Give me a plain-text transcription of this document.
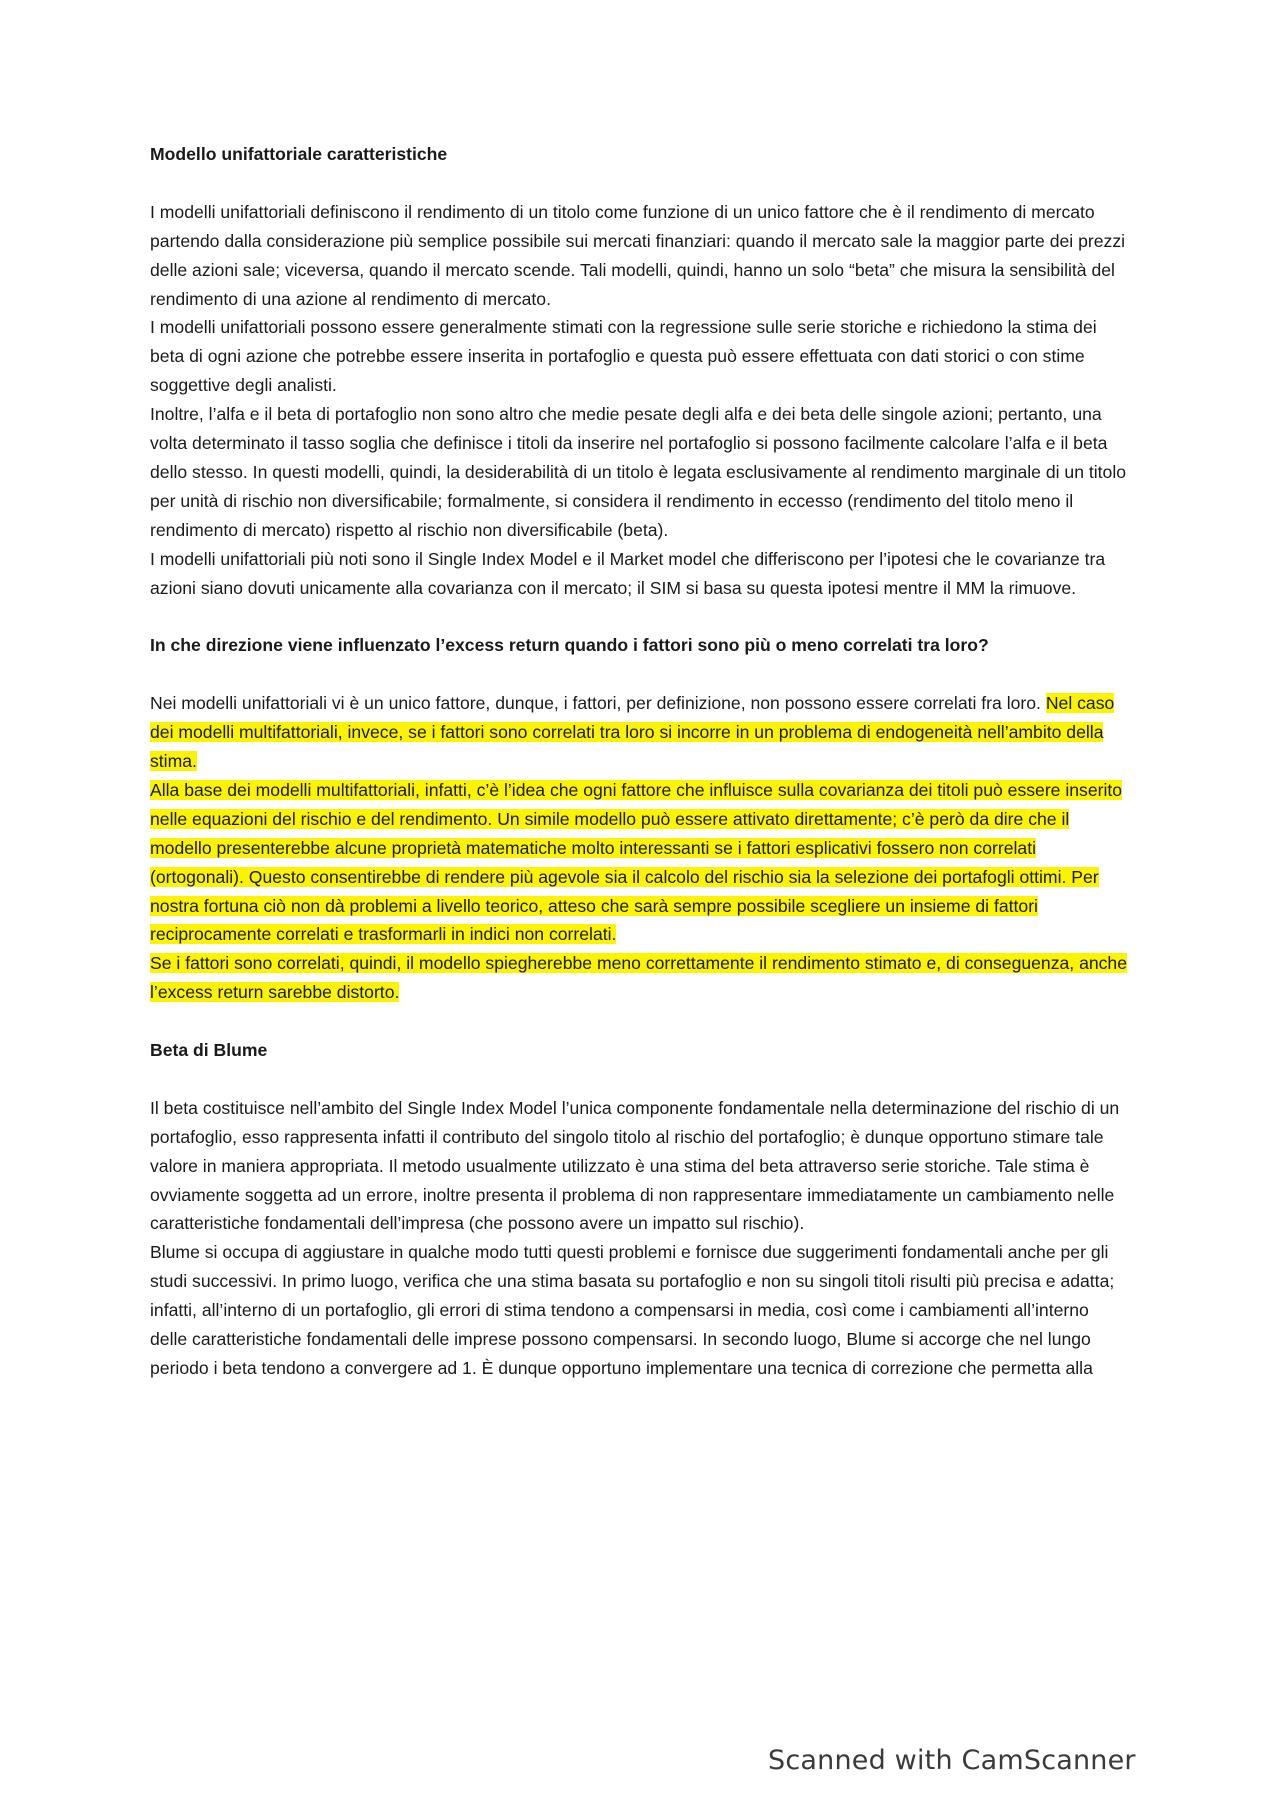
Modello unifattoriale caratteristiche

I modelli unifattoriali definiscono il rendimento di un titolo come funzione di un unico fattore che è il rendimento di mercato partendo dalla considerazione più semplice possibile sui mercati finanziari: quando il mercato sale la maggior parte dei prezzi delle azioni sale; viceversa, quando il mercato scende. Tali modelli, quindi, hanno un solo “beta” che misura la sensibilità del rendimento di una azione al rendimento di mercato.

I modelli unifattoriali possono essere generalmente stimati con la regressione sulle serie storiche e richiedono la stima dei beta di ogni azione che potrebbe essere inserita in portafoglio e questa può essere effettuata con dati storici o con stime soggettive degli analisti.

Inoltre, l’alfa e il beta di portafoglio non sono altro che medie pesate degli alfa e dei beta delle singole azioni; pertanto, una volta determinato il tasso soglia che definisce i titoli da inserire nel portafoglio si possono facilmente calcolare l’alfa e il beta dello stesso. In questi modelli, quindi, la desiderabilità di un titolo è legata esclusivamente al rendimento marginale di un titolo per unità di rischio non diversificabile; formalmente, si considera il rendimento in eccesso (rendimento del titolo meno il rendimento di mercato) rispetto al rischio non diversificabile (beta).

I modelli unifattoriali più noti sono il Single Index Model e il Market model che differiscono per l’ipotesi che le covarianze tra azioni siano dovuti unicamente alla covarianza con il mercato; il SIM si basa su questa ipotesi mentre il MM la rimuove.

In che direzione viene influenzato l’excess return quando i fattori sono più o meno correlati tra loro?

Nei modelli unifattoriali vi è un unico fattore, dunque, i fattori, per definizione, non possono essere correlati fra loro. Nel caso dei modelli multifattoriali, invece, se i fattori sono correlati tra loro si incorre in un problema di endogeneità nell’ambito della stima.

Alla base dei modelli multifattoriali, infatti, c’è l’idea che ogni fattore che influisce sulla covarianza dei titoli può essere inserito nelle equazioni del rischio e del rendimento. Un simile modello può essere attivato direttamente; c’è però da dire che il modello presenterebbe alcune proprietà matematiche molto interessanti se i fattori esplicativi fossero non correlati (ortogonali). Questo consentirebbe di rendere più agevole sia il calcolo del rischio sia la selezione dei portafogli ottimi. Per nostra fortuna ciò non dà problemi a livello teorico, atteso che sarà sempre possibile scegliere un insieme di fattori reciprocamente correlati e trasformarli in indici non correlati.

Se i fattori sono correlati, quindi, il modello spiegherebbe meno correttamente il rendimento stimato e, di conseguenza, anche l’excess return sarebbe distorto.

Beta di Blume

Il beta costituisce nell’ambito del Single Index Model l’unica componente fondamentale nella determinazione del rischio di un portafoglio, esso rappresenta infatti il contributo del singolo titolo al rischio del portafoglio; è dunque opportuno stimare tale valore in maniera appropriata. Il metodo usualmente utilizzato è una stima del beta attraverso serie storiche. Tale stima è ovviamente soggetta ad un errore, inoltre presenta il problema di non rappresentare immediatamente un cambiamento nelle caratteristiche fondamentali dell’impresa (che possono avere un impatto sul rischio).

Blume si occupa di aggiustare in qualche modo tutti questi problemi e fornisce due suggerimenti fondamentali anche per gli studi successivi. In primo luogo, verifica che una stima basata su portafoglio e non su singoli titoli risulti più precisa e adatta; infatti, all’interno di un portafoglio, gli errori di stima tendono a compensarsi in media, così come i cambiamenti all’interno delle caratteristiche fondamentali delle imprese possono compensarsi. In secondo luogo, Blume si accorge che nel lungo periodo i beta tendono a convergere ad 1. È dunque opportuno implementare una tecnica di correzione che permetta alla

Scanned with CamScanner
